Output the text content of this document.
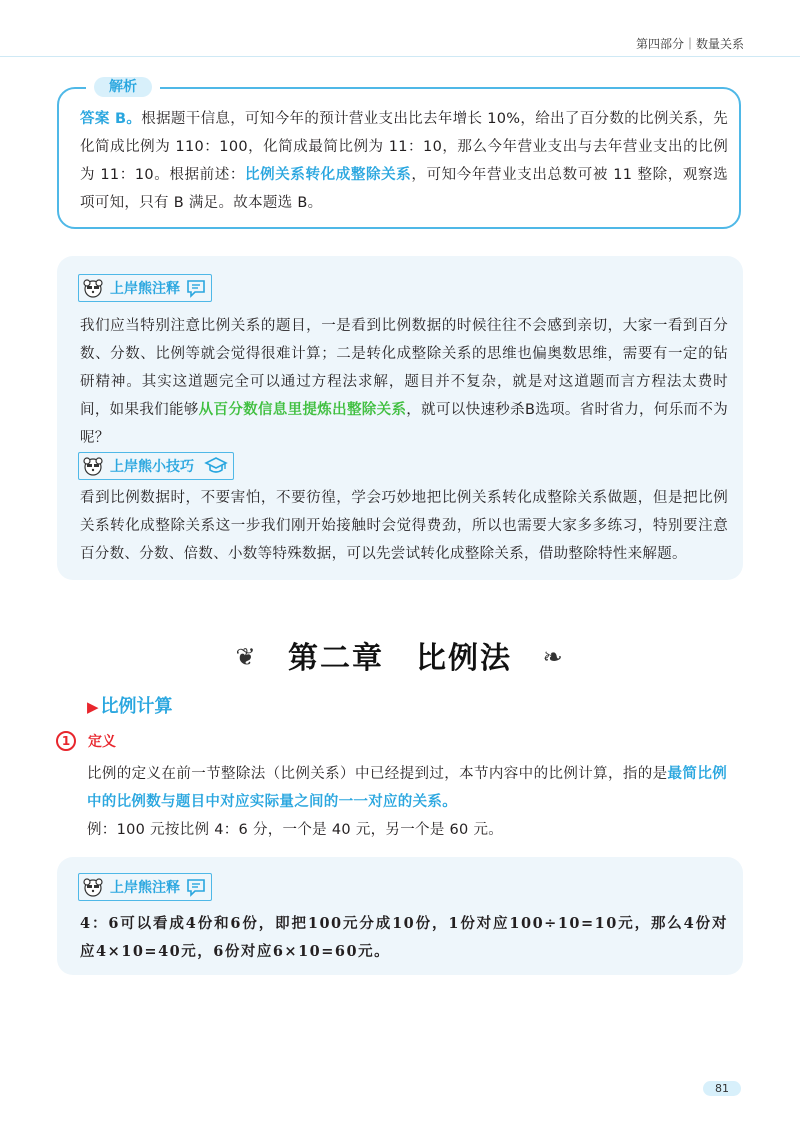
第四部分｜数量关系
解析
答案 B。根据题干信息，可知今年的预计营业支出比去年增长 10%，给出了百分数的比例关系，先化简成比例为 110：100，化简成最简比例为 11：10，那么今年营业支出与去年营业支出的比例为 11：10。根据前述：比例关系转化成整除关系，可知今年营业支出总数可被 11 整除，观察选项可知，只有 B 满足。故本题选 B。
上岸熊注释
我们应当特别注意比例关系的题目，一是看到比例数据的时候往往不会感到亲切，大家一看到百分数、分数、比例等就会觉得很难计算；二是转化成整除关系的思维也偏奥数思维，需要有一定的钻研精神。其实这道题完全可以通过方程法求解，题目并不复杂，就是对这道题而言方程法太费时间，如果我们能够从百分数信息里提炼出整除关系，就可以快速秒杀B选项。省时省力，何乐而不为呢？
上岸熊小技巧
看到比例数据时，不要害怕，不要彷徨，学会巧妙地把比例关系转化成整除关系做题，但是把比例关系转化成整除关系这一步我们刚开始接触时会觉得费劲，所以也需要大家多多练习，特别要注意百分数、分数、倍数、小数等特殊数据，可以先尝试转化成整除关系，借助整除特性来解题。
❦ 第二章　比例法 ❧
▶ 比例计算
1	定义
比例的定义在前一节整除法（比例关系）中已经提到过，本节内容中的比例计算，指的是最简比例中的比例数与题目中对应实际量之间的一一对应的关系。
例：100 元按比例 4：6 分，一个是 40 元，另一个是 60 元。
上岸熊注释
4：6可以看成4份和6份，即把100元分成10份，1份对应100÷10=10元，那么4份对应4×10=40元，6份对应6×10=60元。
81
